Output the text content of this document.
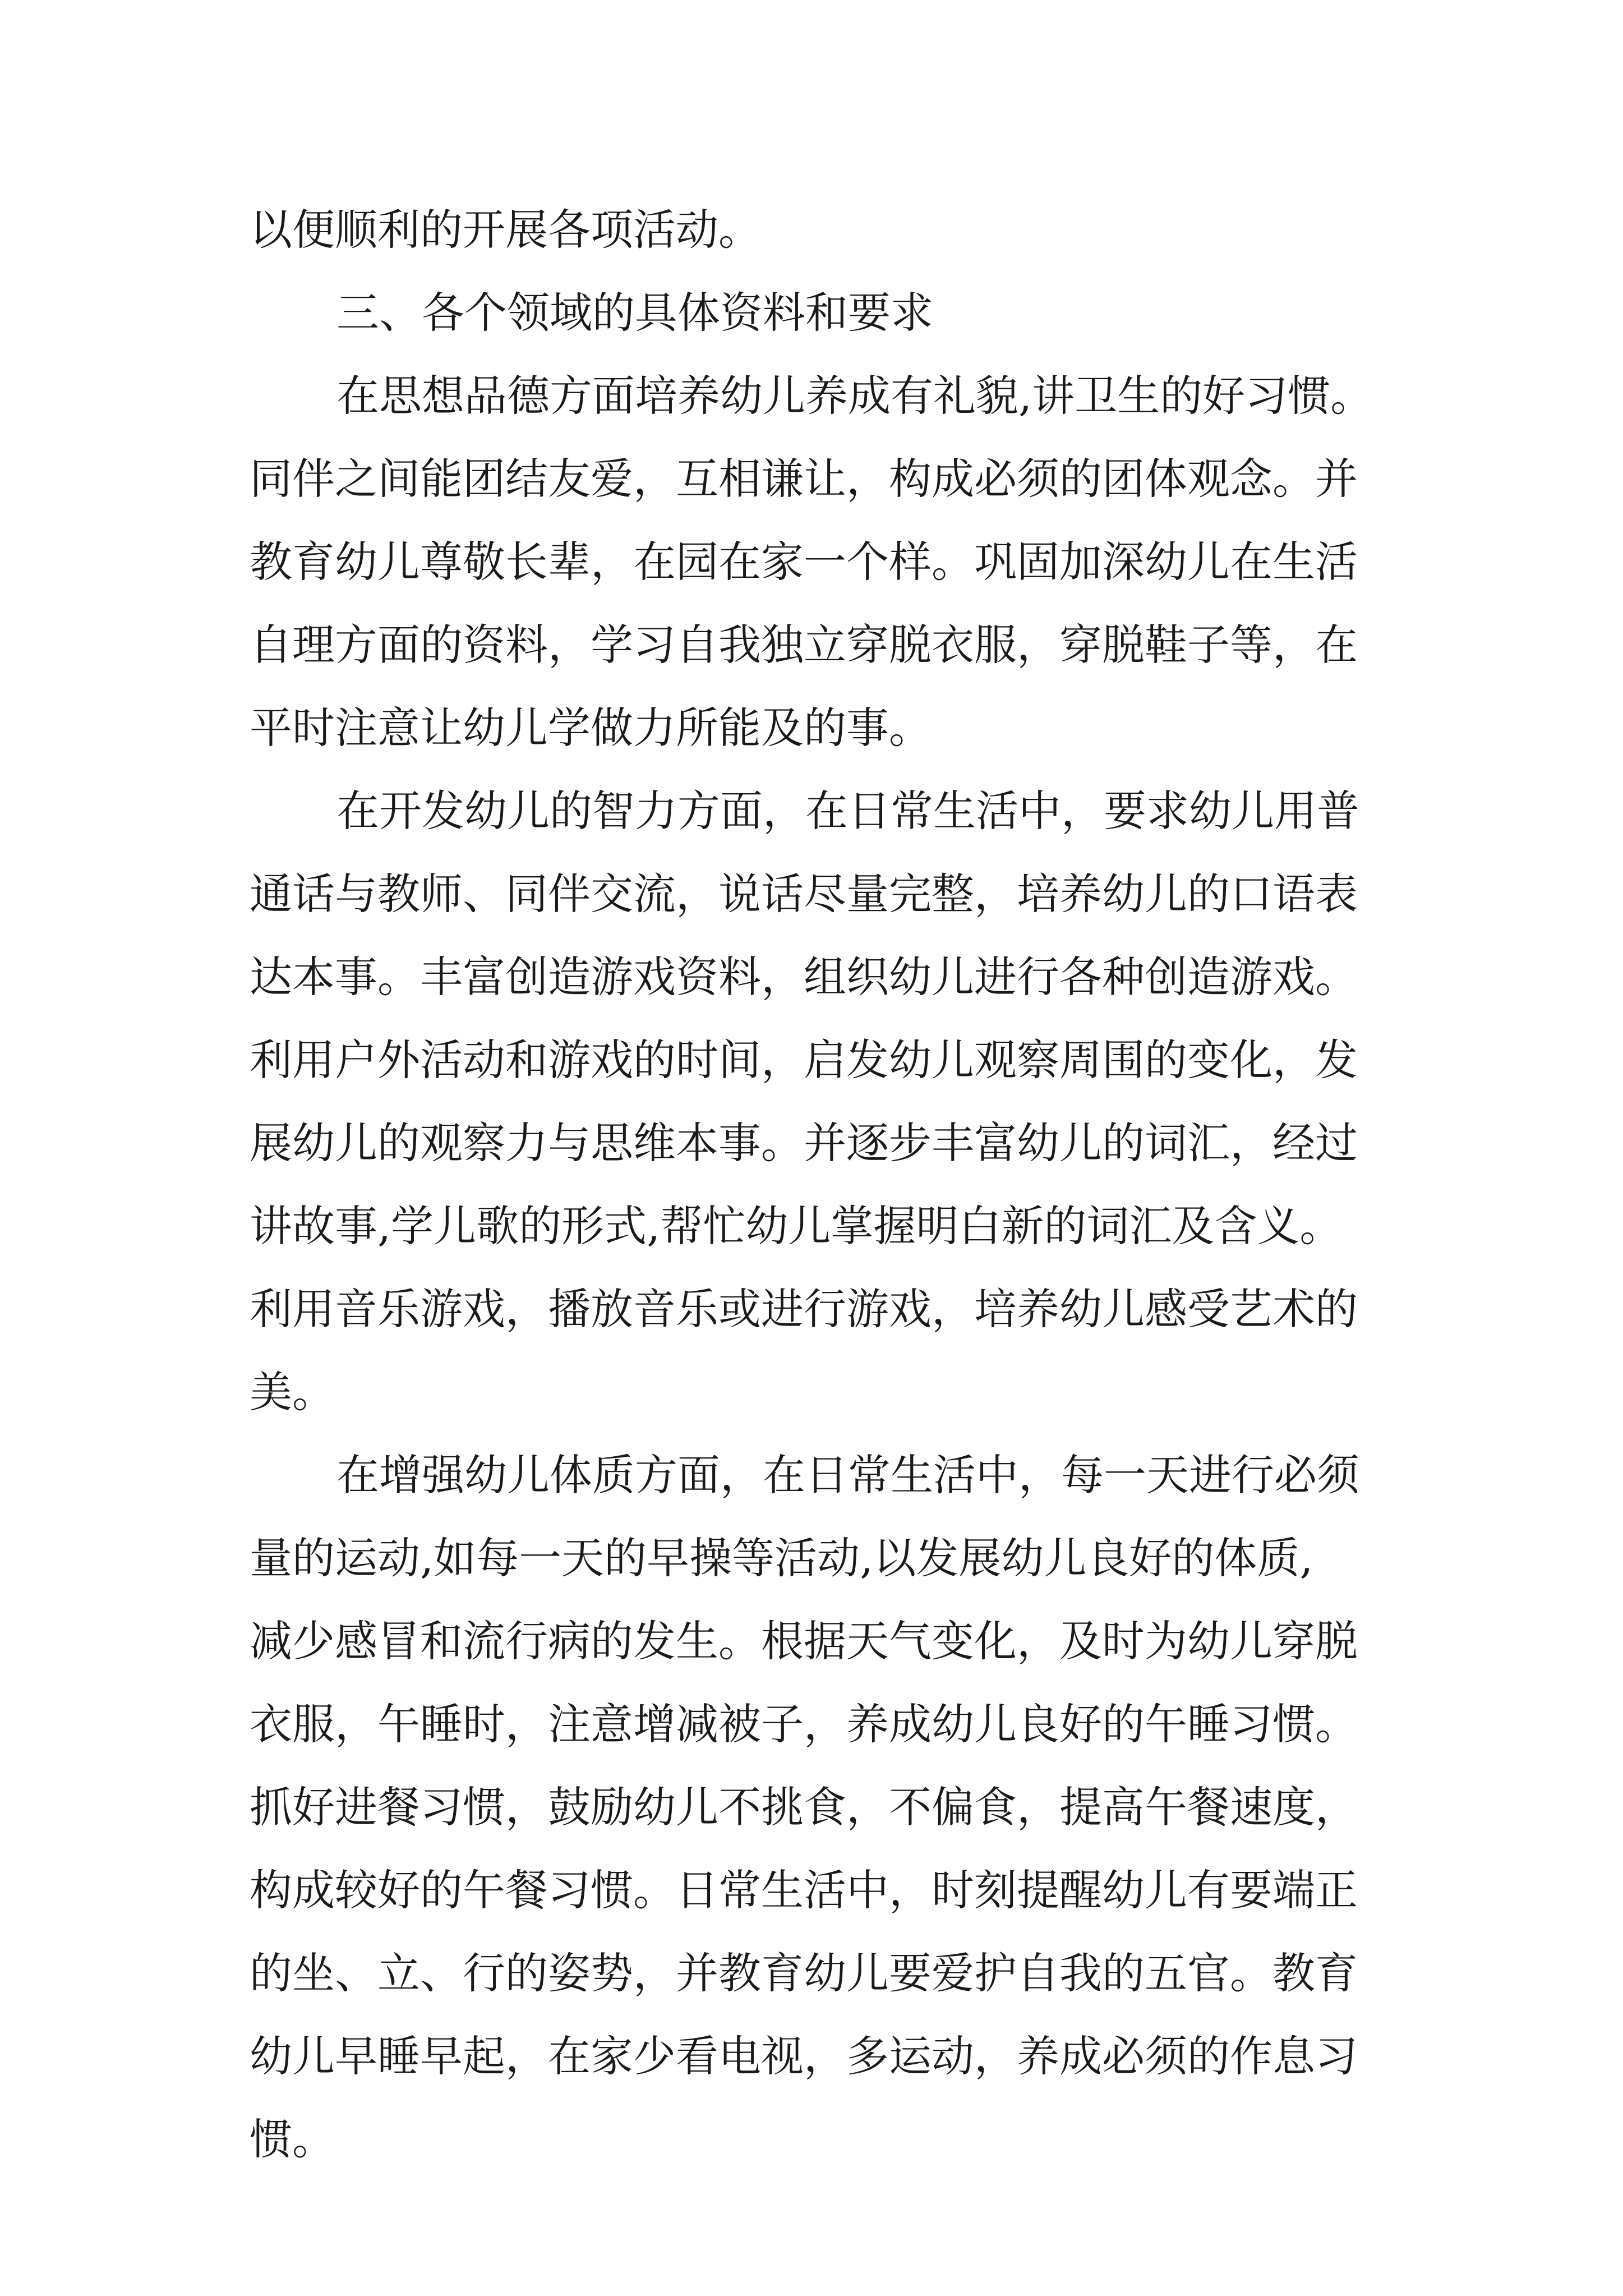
以便顺利的开展各项活动。

三、各个领域的具体资料和要求

在思想品德方面培养幼儿养成有礼貌,讲卫生的好习惯。

同伴之间能团结友爱，互相谦让，构成必须的团体观念。并

教育幼儿尊敬长辈，在园在家一个样。巩固加深幼儿在生活

自理方面的资料，学习自我独立穿脱衣服，穿脱鞋子等，在

平时注意让幼儿学做力所能及的事。

在开发幼儿的智力方面，在日常生活中，要求幼儿用普

通话与教师、同伴交流，说话尽量完整，培养幼儿的口语表

达本事。丰富创造游戏资料，组织幼儿进行各种创造游戏。

利用户外活动和游戏的时间，启发幼儿观察周围的变化，发

展幼儿的观察力与思维本事。并逐步丰富幼儿的词汇，经过

讲故事,学儿歌的形式,帮忙幼儿掌握明白新的词汇及含义。

利用音乐游戏，播放音乐或进行游戏，培养幼儿感受艺术的

美。

在增强幼儿体质方面，在日常生活中，每一天进行必须

量的运动,如每一天的早操等活动,以发展幼儿良好的体质,

减少感冒和流行病的发生。根据天气变化，及时为幼儿穿脱

衣服，午睡时，注意增减被子，养成幼儿良好的午睡习惯。

抓好进餐习惯，鼓励幼儿不挑食，不偏食，提高午餐速度，

构成较好的午餐习惯。日常生活中，时刻提醒幼儿有要端正

的坐、立、行的姿势，并教育幼儿要爱护自我的五官。教育

幼儿早睡早起，在家少看电视，多运动，养成必须的作息习

惯。
